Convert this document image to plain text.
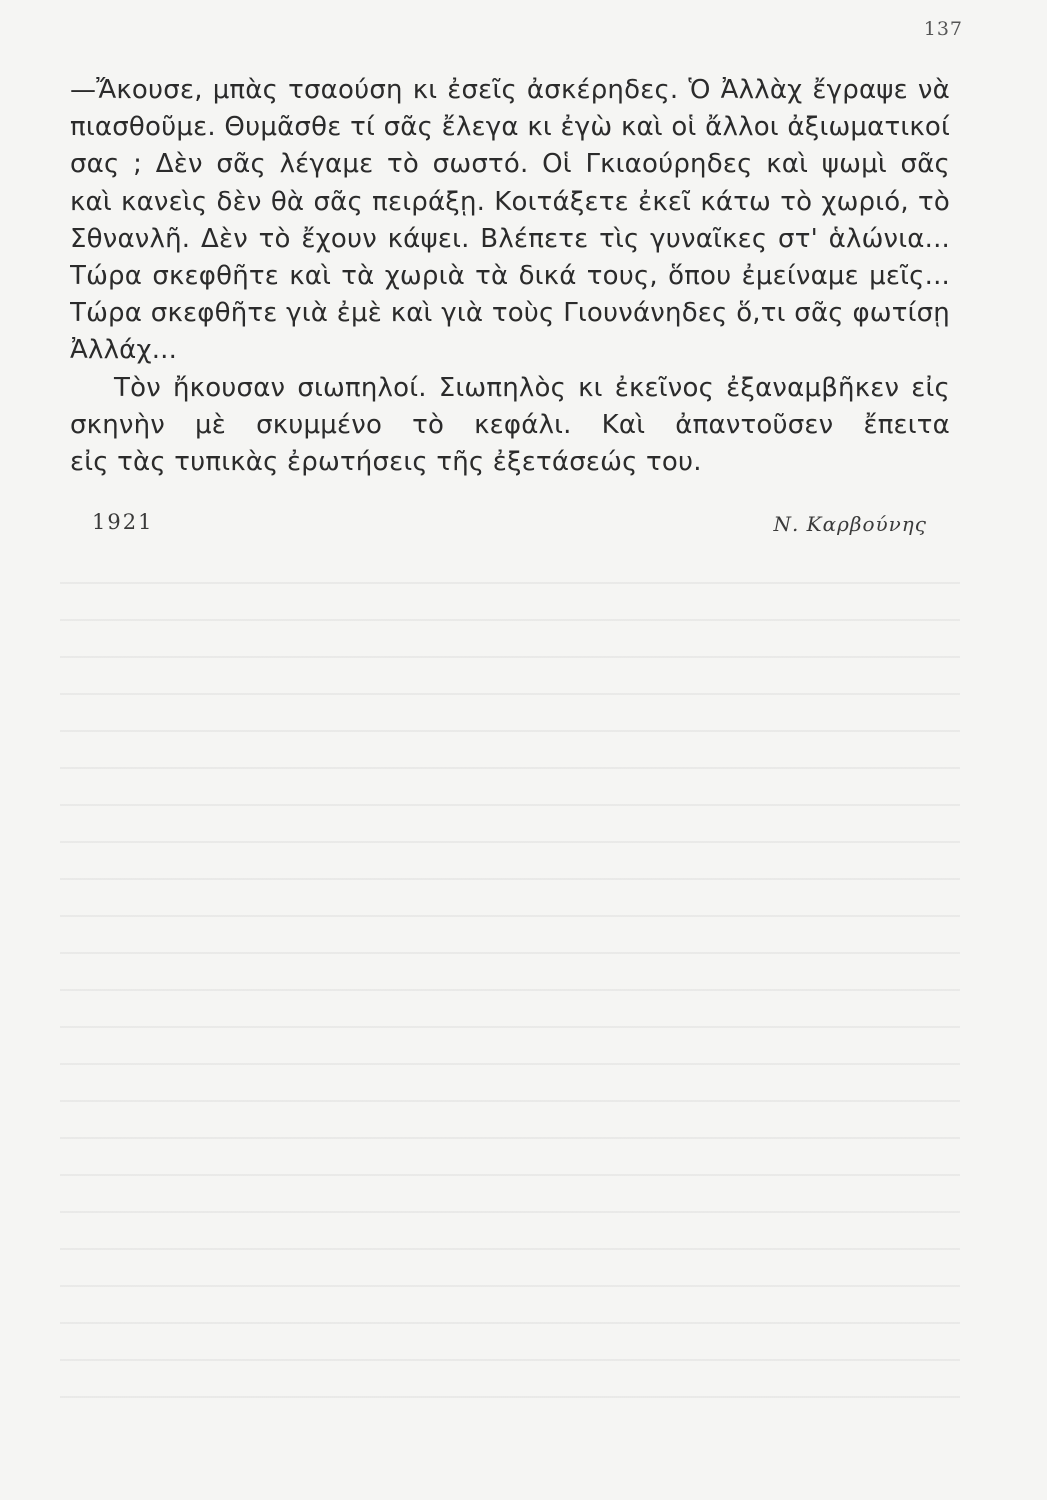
137
—Ἄκουσε, μπὰς τσαούση κι ἐσεῖς ἀσκέρηδες. Ὁ Ἀλλὰχ ἔγραψε νὰ
πιασθοῦμε. Θυμᾶσθε τί σᾶς ἔλεγα κι ἐγὼ καὶ οἱ ἄλλοι ἀξιωματικοί
σας ; Δὲν σᾶς λέγαμε τὸ σωστό. Οἱ Γκιαούρηδες καὶ ψωμὶ σᾶς
καὶ κανεὶς δὲν θὰ σᾶς πειράξῃ. Κοιτάξετε ἐκεῖ κάτω τὸ χωριό, τὸ
Σθνανλῆ. Δὲν τὸ ἔχουν κάψει. Βλέπετε τὶς γυναῖκες στ' ἁλώνια...
Τώρα σκεφθῆτε καὶ τὰ χωριὰ τὰ δικά τους, ὅπου ἐμείναμε μεῖς...
Τώρα σκεφθῆτε γιὰ ἐμὲ καὶ γιὰ τοὺς Γιουνάνηδες ὅ,τι σᾶς φωτίσῃ
Ἀλλάχ...
Τὸν ἤκουσαν σιωπηλοί. Σιωπηλὸς κι ἐκεῖνος ἐξαναμβῆκεν εἰς
σκηνὴν μὲ σκυμμένο τὸ κεφάλι. Καὶ ἀπαντοῦσεν ἔπειτα
εἰς τὰς τυπικὰς ἐρωτήσεις τῆς ἐξετάσεώς του.
1921	Ν. Καρβούνης
